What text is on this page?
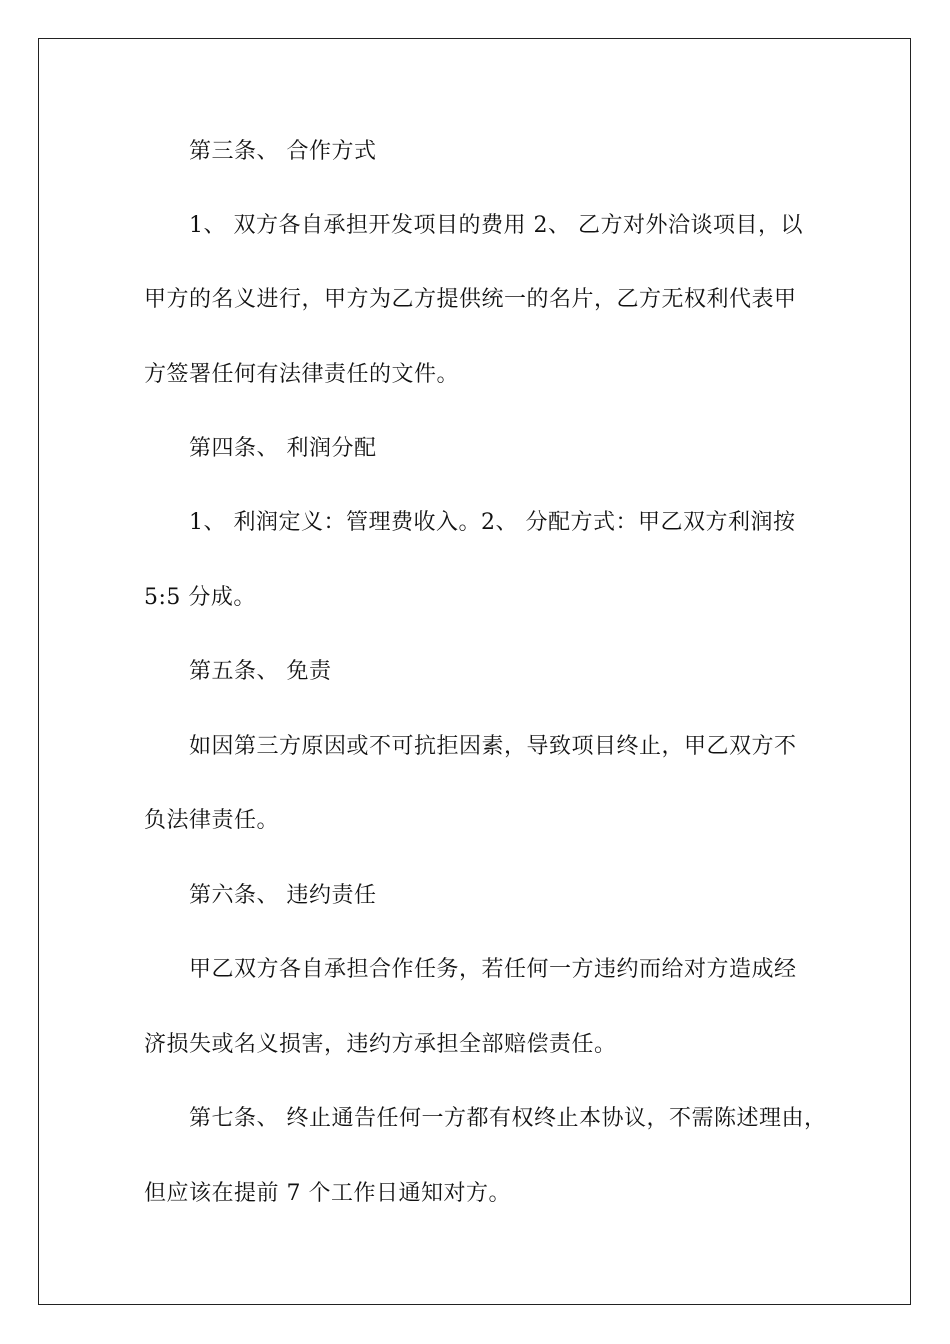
第三条、 合作方式

1、 双方各自承担开发项目的费用 2、 乙方对外洽谈项目，以

甲方的名义进行，甲方为乙方提供统一的名片，乙方无权利代表甲

方签署任何有法律责任的文件。

第四条、 利润分配

1、 利润定义：管理费收入。2、 分配方式：甲乙双方利润按

5:5 分成。

第五条、 免责

如因第三方原因或不可抗拒因素，导致项目终止，甲乙双方不

负法律责任。

第六条、 违约责任

甲乙双方各自承担合作任务，若任何一方违约而给对方造成经

济损失或名义损害，违约方承担全部赔偿责任。

第七条、 终止通告任何一方都有权终止本协议，不需陈述理由，

但应该在提前 7 个工作日通知对方。
